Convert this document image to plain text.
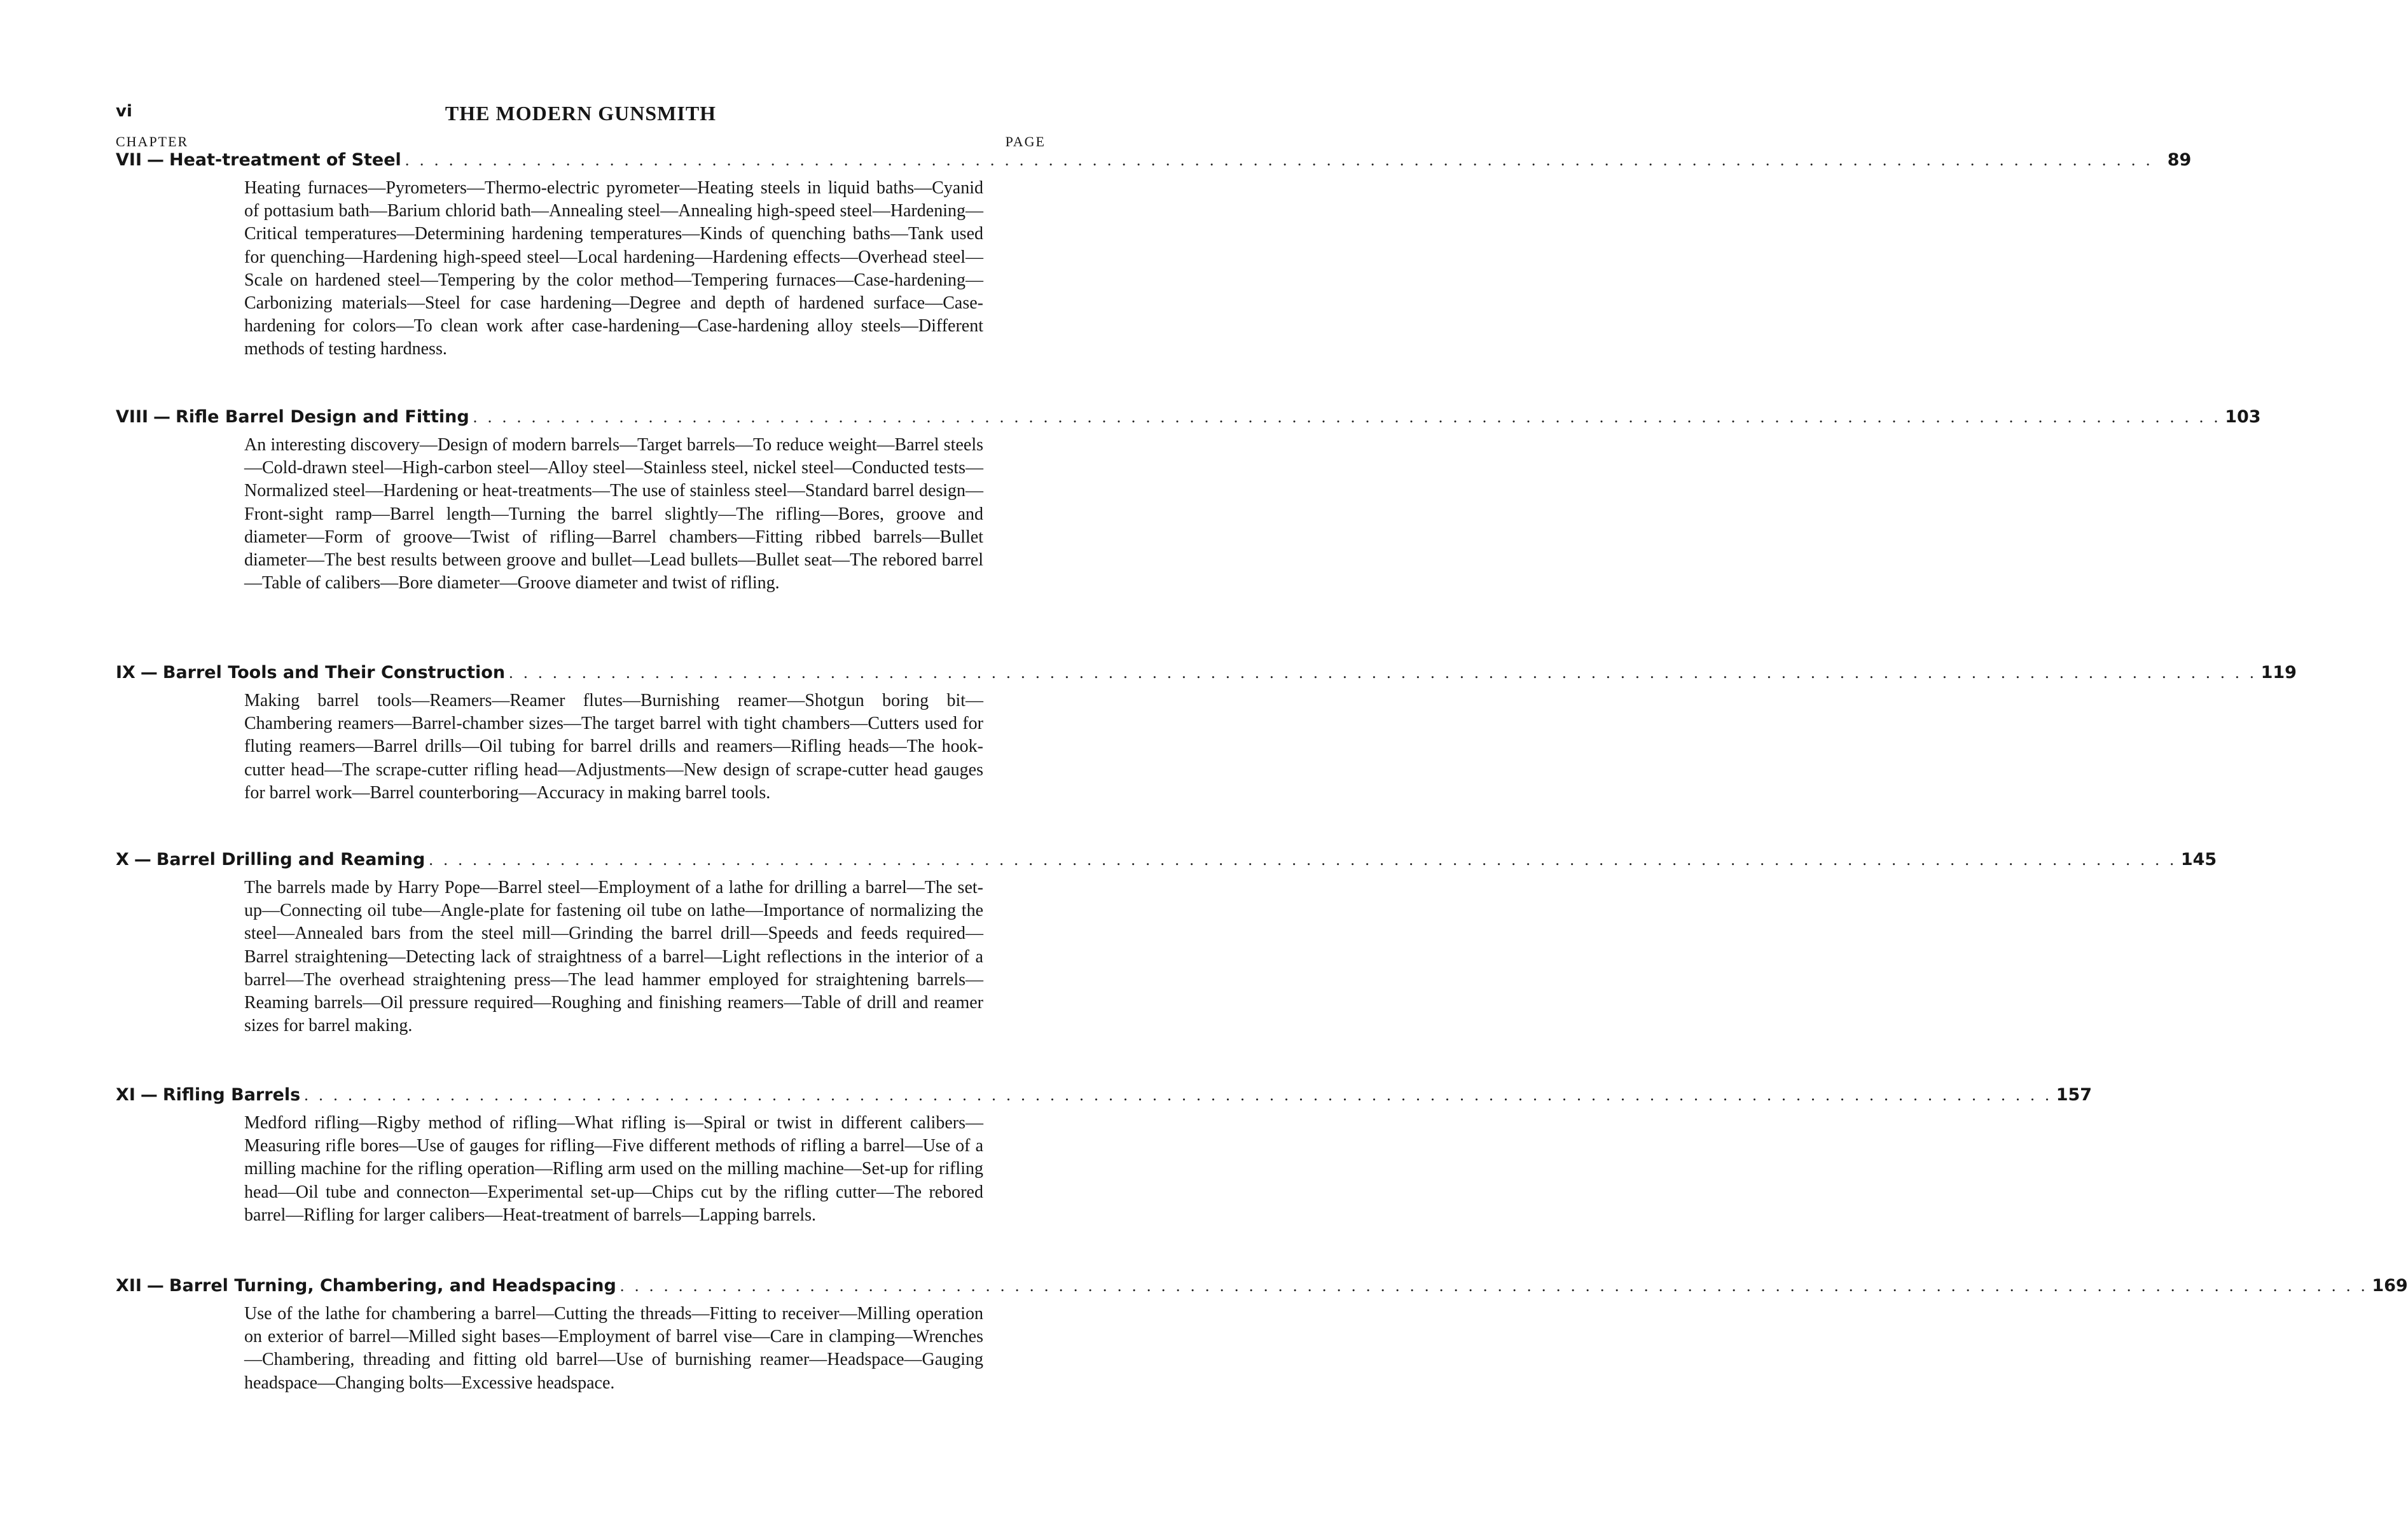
vi	THE MODERN GUNSMITH
CHAPTER	PAGE
VII — Heat-treatment of Steel . . . . . . . . . . . . . . . . . . . . . . . . . . . . . . . . . . . . . . . . . . . . . . . . . . . . . . . . . . . . . . . . . . . . . . . . . . . . . . . . . . . . . . . . . . . . . . . . . . . . . . . . . . . . . . . . . . . . . . . . 89
Heating furnaces—Pyrometers—Thermo-electric pyrometer—Heating steels in liquid baths—Cyanid of pottasium bath—Barium chlorid bath—Annealing steel—Annealing high-speed steel—Hardening—Critical temperatures—Determining hardening temperatures—Kinds of quenching baths—Tank used for quenching—Hardening high-speed steel—Local hardening—Hardening effects—Overhead steel—Scale on hardened steel—Tempering by the color method—Tempering furnaces—Case-hardening—Carbonizing materials—Steel for case hardening—Degree and depth of hardened surface—Case-hardening for colors—To clean work after case-hardening—Case-hardening alloy steels—Different methods of testing hardness.
VIII — Rifle Barrel Design and Fitting . . . . . . . . . . . . . . . . . . . . . . . . . . . . . . . . . . . . . . . . . . . . . . . . . . . . . . . . . . . . . . . . . . . . . . . . . . . . . . . . . . . . . . . . . . . . . . . . . . . . . . . . . . . . . . . . . . . . . . . . 103
An interesting discovery—Design of modern barrels—Target barrels—To reduce weight—Barrel steels—Cold-drawn steel—High-carbon steel—Alloy steel—Stainless steel, nickel steel—Conducted tests—Normalized steel—Hardening or heat-treatments—The use of stainless steel—Standard barrel design—Front-sight ramp—Barrel length—Turning the barrel slightly—The rifling—Bores, groove and diameter—Form of groove—Twist of rifling—Barrel chambers—Fitting ribbed barrels—Bullet diameter—The best results between groove and bullet—Lead bullets—Bullet seat—The rebored barrel—Table of calibers—Bore diameter—Groove diameter and twist of rifling.
IX — Barrel Tools and Their Construction . . . . . . . . . . . . . . . . . . . . . . . . . . . . . . . . . . . . . . . . . . . . . . . . . . . . . . . . . . . . . . . . . . . . . . . . . . . . . . . . . . . . . . . . . . . . . . . . . . . . . . . . . . . . . . . . . . . . . . . . 119
Making barrel tools—Reamers—Reamer flutes—Burnishing reamer—Shotgun boring bit—Chambering reamers—Barrel-chamber sizes—The target barrel with tight chambers—Cutters used for fluting reamers—Barrel drills—Oil tubing for barrel drills and reamers—Rifling heads—The hook-cutter head—The scrape-cutter rifling head—Adjustments—New design of scrape-cutter head gauges for barrel work—Barrel counterboring—Accuracy in making barrel tools.
X — Barrel Drilling and Reaming . . . . . . . . . . . . . . . . . . . . . . . . . . . . . . . . . . . . . . . . . . . . . . . . . . . . . . . . . . . . . . . . . . . . . . . . . . . . . . . . . . . . . . . . . . . . . . . . . . . . . . . . . . . . . . . . . . . . . . . . 145
The barrels made by Harry Pope—Barrel steel—Employment of a lathe for drilling a barrel—The set-up—Connecting oil tube—Angle-plate for fastening oil tube on lathe—Importance of normalizing the steel—Annealed bars from the steel mill—Grinding the barrel drill—Speeds and feeds required—Barrel straightening—Detecting lack of straightness of a barrel—Light reflections in the interior of a barrel—The overhead straightening press—The lead hammer employed for straightening barrels—Reaming barrels—Oil pressure required—Roughing and finishing reamers—Table of drill and reamer sizes for barrel making.
XI — Rifling Barrels . . . . . . . . . . . . . . . . . . . . . . . . . . . . . . . . . . . . . . . . . . . . . . . . . . . . . . . . . . . . . . . . . . . . . . . . . . . . . . . . . . . . . . . . . . . . . . . . . . . . . . . . . . . . . . . . . . . . . . . . 157
Medford rifling—Rigby method of rifling—What rifling is—Spiral or twist in different calibers—Measuring rifle bores—Use of gauges for rifling—Five different methods of rifling a barrel—Use of a milling machine for the rifling operation—Rifling arm used on the milling machine—Set-up for rifling head—Oil tube and connecton—Experimental set-up—Chips cut by the rifling cutter—The rebored barrel—Rifling for larger calibers—Heat-treatment of barrels—Lapping barrels.
XII — Barrel Turning, Chambering, and Headspacing . . . . . . . . . . . . . . . . . . . . . . . . . . . . . . . . . . . . . . . . . . . . . . . . . . . . . . . . . . . . . . . . . . . . . . . . . . . . . . . . . . . . . . . . . . . . . . . . . . . . . . . . . . . . . . . . . . . . . . . . 169
Use of the lathe for chambering a barrel—Cutting the threads—Fitting to receiver—Milling operation on exterior of barrel—Milled sight bases—Employment of barrel vise—Care in clamping—Wrenches—Chambering, threading and fitting old barrel—Use of burnishing reamer—Headspace—Gauging headspace—Changing bolts—Excessive headspace.
